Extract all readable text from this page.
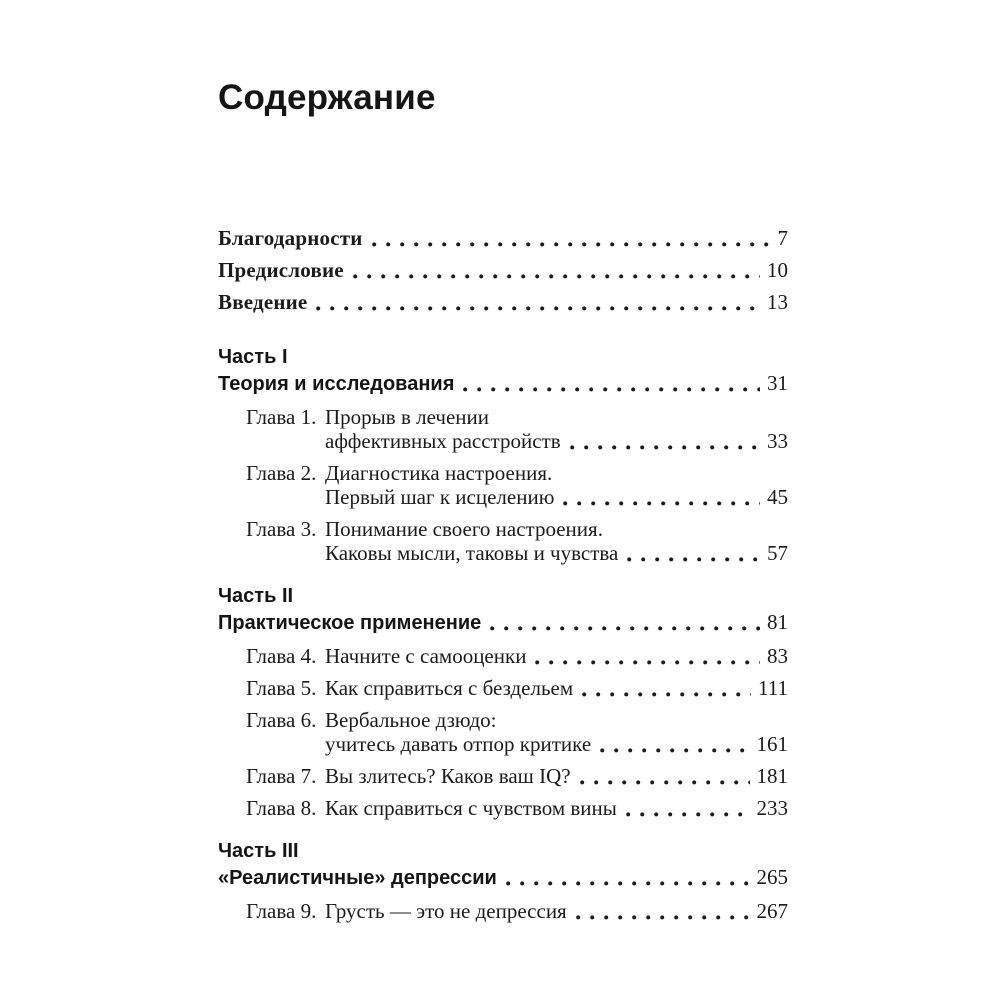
Содержание
Благодарности	7
Предисловие	10
Введение	13
Часть I
Теория и исследования	31
Глава 1. Прорыв в лечении
аффективных расстройств	33
Глава 2. Диагностика настроения.
Первый шаг к исцелению	45
Глава 3. Понимание своего настроения.
Каковы мысли, таковы и чувства	57
Часть II
Практическое применение	81
Глава 4. Начните с самооценки	83
Глава 5. Как справиться с бездельем	111
Глава 6. Вербальное дзюдо:
учитесь давать отпор критике	161
Глава 7. Вы злитесь? Каков ваш IQ?	181
Глава 8. Как справиться с чувством вины	233
Часть III
«Реалистичные» депрессии	265
Глава 9. Грусть — это не депрессия	267
